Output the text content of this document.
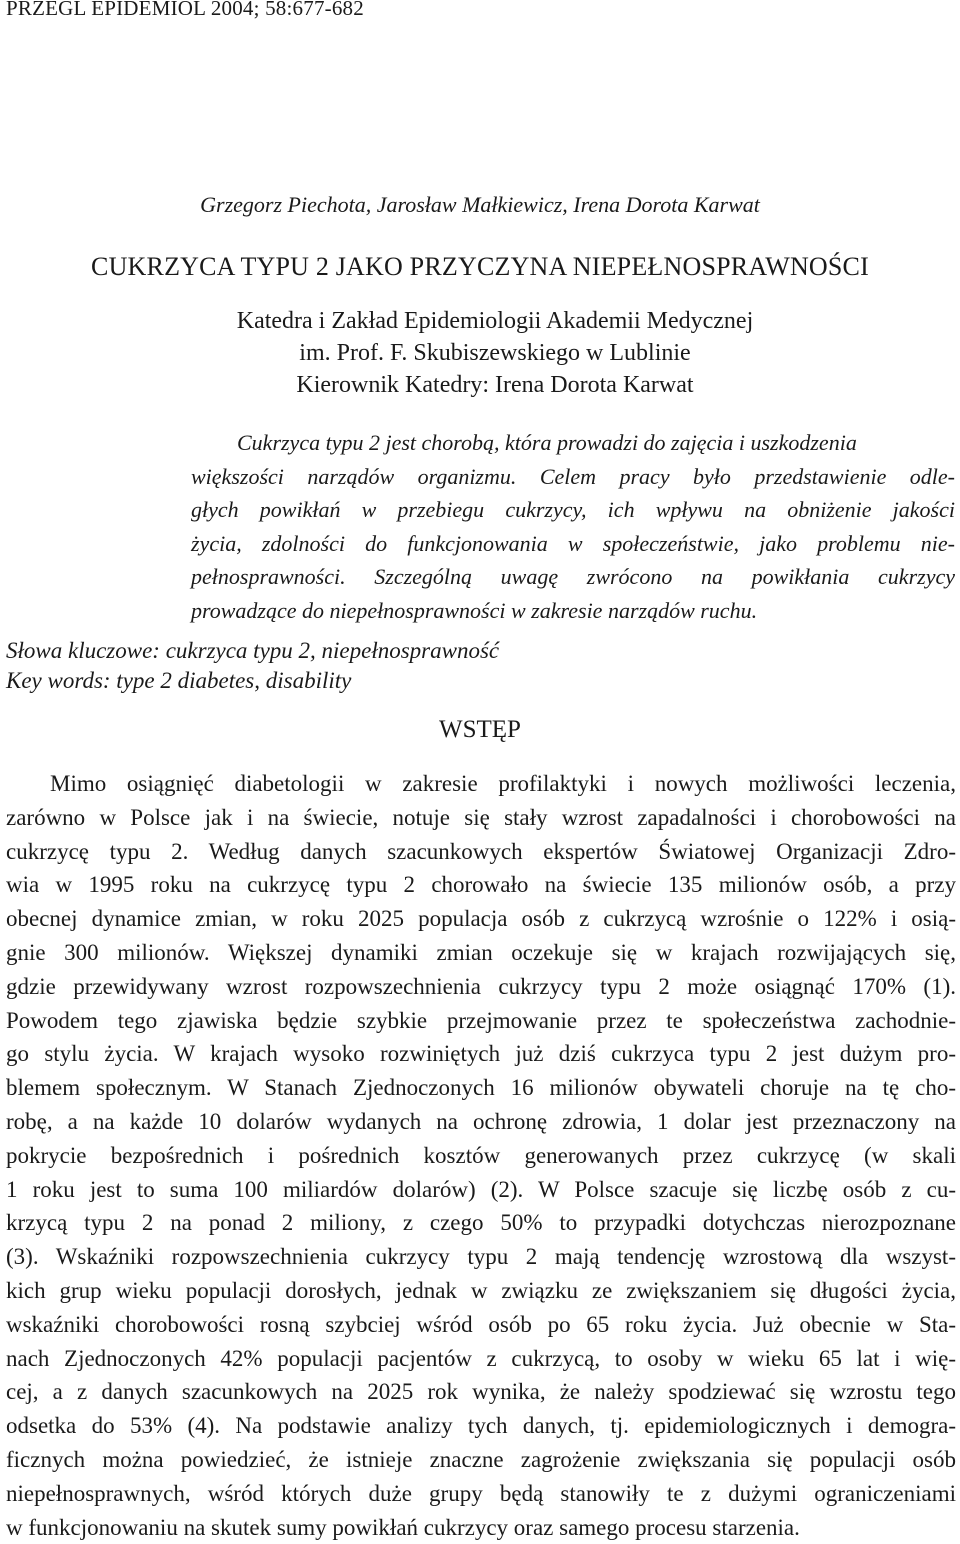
PRZEGL EPIDEMIOL 2004; 58:677-682
Grzegorz Piechota, Jarosław Małkiewicz, Irena Dorota Karwat
CUKRZYCA TYPU 2 JAKO PRZYCZYNA NIEPEŁNOSPRAWNOŚCI
Katedra i Zakład Epidemiologii Akademii Medycznej
im. Prof. F. Skubiszewskiego w Lublinie
Kierownik Katedry: Irena Dorota Karwat
Cukrzyca typu 2 jest chorobą, która prowadzi do zajęcia i uszkodzenia
większości narządów organizmu. Celem pracy było przedstawienie odle-
głych powikłań w przebiegu cukrzycy, ich wpływu na obniżenie jakości
życia, zdolności do funkcjonowania w społeczeństwie, jako problemu nie-
pełnosprawności. Szczególną uwagę zwrócono na powikłania cukrzycy
prowadzące do niepełnosprawności w zakresie narządów ruchu.
Słowa kluczowe: cukrzyca typu 2, niepełnosprawność
Key words: type 2 diabetes, disability
WSTĘP
Mimo osiągnięć diabetologii w zakresie profilaktyki i nowych możliwości leczenia,
zarówno w Polsce jak i na świecie, notuje się stały wzrost zapadalności i chorobowości na
cukrzycę typu 2. Według danych szacunkowych ekspertów Światowej Organizacji Zdro-
wia w 1995 roku na cukrzycę typu 2 chorowało na świecie 135 milionów osób, a przy
obecnej dynamice zmian, w roku 2025 populacja osób z cukrzycą wzrośnie o 122% i osią-
gnie 300 milionów. Większej dynamiki zmian oczekuje się w krajach rozwijających się,
gdzie przewidywany wzrost rozpowszechnienia cukrzycy typu 2 może osiągnąć 170% (1).
Powodem tego zjawiska będzie szybkie przejmowanie przez te społeczeństwa zachodnie-
go stylu życia. W krajach wysoko rozwiniętych już dziś cukrzyca typu 2 jest dużym pro-
blemem społecznym. W Stanach Zjednoczonych 16 milionów obywateli choruje na tę cho-
robę, a na każde 10 dolarów wydanych na ochronę zdrowia, 1 dolar jest przeznaczony na
pokrycie bezpośrednich i pośrednich kosztów generowanych przez cukrzycę (w skali
1 roku jest to suma 100 miliardów dolarów) (2). W Polsce szacuje się liczbę osób z cu-
krzycą typu 2 na ponad 2 miliony, z czego 50% to przypadki dotychczas nierozpoznane
(3). Wskaźniki rozpowszechnienia cukrzycy typu 2 mają tendencję wzrostową dla wszyst-
kich grup wieku populacji dorosłych, jednak w związku ze zwiększaniem się długości życia,
wskaźniki chorobowości rosną szybciej wśród osób po 65 roku życia. Już obecnie w Sta-
nach Zjednoczonych 42% populacji pacjentów z cukrzycą, to osoby w wieku 65 lat i wię-
cej, a z danych szacunkowych na 2025 rok wynika, że należy spodziewać się wzrostu tego
odsetka do 53% (4). Na podstawie analizy tych danych, tj. epidemiologicznych i demogra-
ficznych można powiedzieć, że istnieje znaczne zagrożenie zwiększania się populacji osób
niepełnosprawnych, wśród których duże grupy będą stanowiły te z dużymi ograniczeniami
w funkcjonowaniu na skutek sumy powikłań cukrzycy oraz samego procesu starzenia.
